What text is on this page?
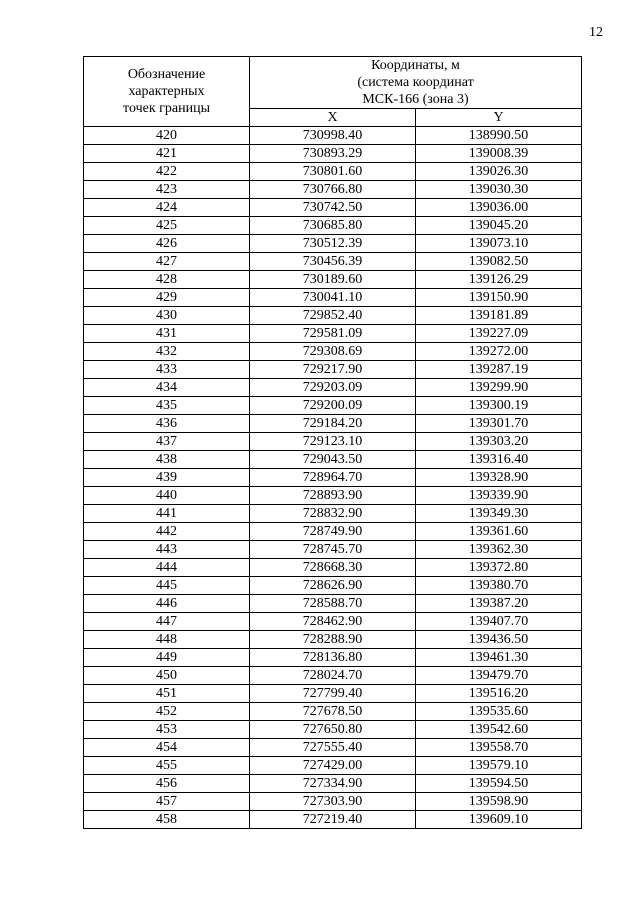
12
Обозначение
характерных
точек границы	Координаты, м
(система координат
МСК-166 (зона 3)	

	X	Y
420	730998.40	138990.50
421	730893.29	139008.39
422	730801.60	139026.30
423	730766.80	139030.30
424	730742.50	139036.00
425	730685.80	139045.20
426	730512.39	139073.10
427	730456.39	139082.50
428	730189.60	139126.29
429	730041.10	139150.90
430	729852.40	139181.89
431	729581.09	139227.09
432	729308.69	139272.00
433	729217.90	139287.19
434	729203.09	139299.90
435	729200.09	139300.19
436	729184.20	139301.70
437	729123.10	139303.20
438	729043.50	139316.40
439	728964.70	139328.90
440	728893.90	139339.90
441	728832.90	139349.30
442	728749.90	139361.60
443	728745.70	139362.30
444	728668.30	139372.80
445	728626.90	139380.70
446	728588.70	139387.20
447	728462.90	139407.70
448	728288.90	139436.50
449	728136.80	139461.30
450	728024.70	139479.70
451	727799.40	139516.20
452	727678.50	139535.60
453	727650.80	139542.60
454	727555.40	139558.70
455	727429.00	139579.10
456	727334.90	139594.50
457	727303.90	139598.90
458	727219.40	139609.10
